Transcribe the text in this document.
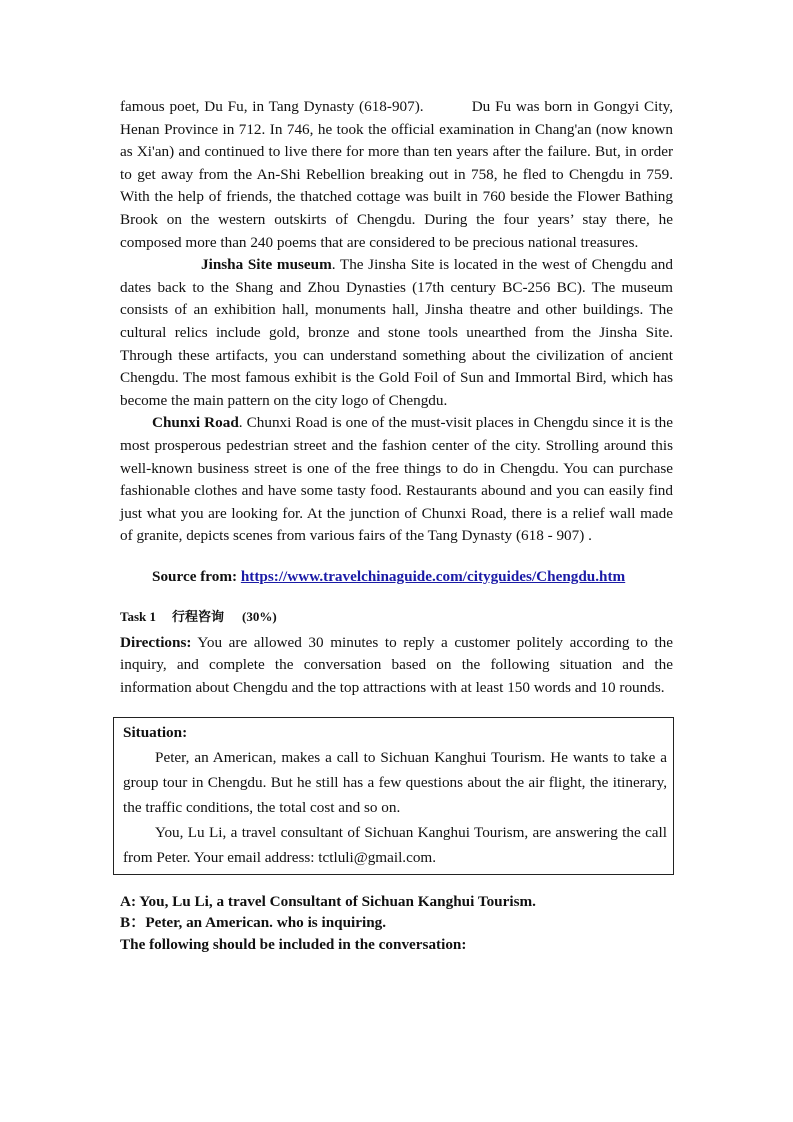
famous poet, Du Fu, in Tang Dynasty (618-907).	Du Fu was born in Gongyi City, Henan Province in 712. In 746, he took the official examination in Chang'an (now known as Xi'an) and continued to live there for more than ten years after the failure. But, in order to get away from the An-Shi Rebellion breaking out in 758, he fled to Chengdu in 759. With the help of friends, the thatched cottage was built in 760 beside the Flower Bathing Brook on the western outskirts of Chengdu. During the four years’ stay there, he composed more than 240 poems that are considered to be precious national treasures.

Jinsha Site museum. The Jinsha Site is located in the west of Chengdu and dates back to the Shang and Zhou Dynasties (17th century BC-256 BC). The museum consists of an exhibition hall, monuments hall, Jinsha theatre and other buildings. The cultural relics include gold, bronze and stone tools unearthed from the Jinsha Site. Through these artifacts, you can understand something about the civilization of ancient Chengdu. The most famous exhibit is the Gold Foil of Sun and Immortal Bird, which has become the main pattern on the city logo of Chengdu.

Chunxi Road. Chunxi Road is one of the must-visit places in Chengdu since it is the most prosperous pedestrian street and the fashion center of the city. Strolling around this well-known business street is one of the free things to do in Chengdu. You can purchase fashionable clothes and have some tasty food. Restaurants abound and you can easily find just what you are looking for. At the junction of Chunxi Road, there is a relief wall made of granite, depicts scenes from various fairs of the Tang Dynasty (618 - 907) .

Source from: https://www.travelchinaguide.com/cityguides/Chengdu.htm

Task 1 行程咨询 (30%)

Directions: You are allowed 30 minutes to reply a customer politely according to the inquiry, and complete the conversation based on the following situation and the information about Chengdu and the top attractions with at least 150 words and 10 rounds.

Situation:

Peter, an American, makes a call to Sichuan Kanghui Tourism. He wants to take a group tour in Chengdu. But he still has a few questions about the air flight, the itinerary, the traffic conditions, the total cost and so on.

You, Lu Li, a travel consultant of Sichuan Kanghui Tourism, are answering the call from Peter. Your email address: tctluli@gmail.com.

A: You, Lu Li, a travel Consultant of Sichuan Kanghui Tourism.

B：Peter, an American. who is inquiring.

The following should be included in the conversation:
